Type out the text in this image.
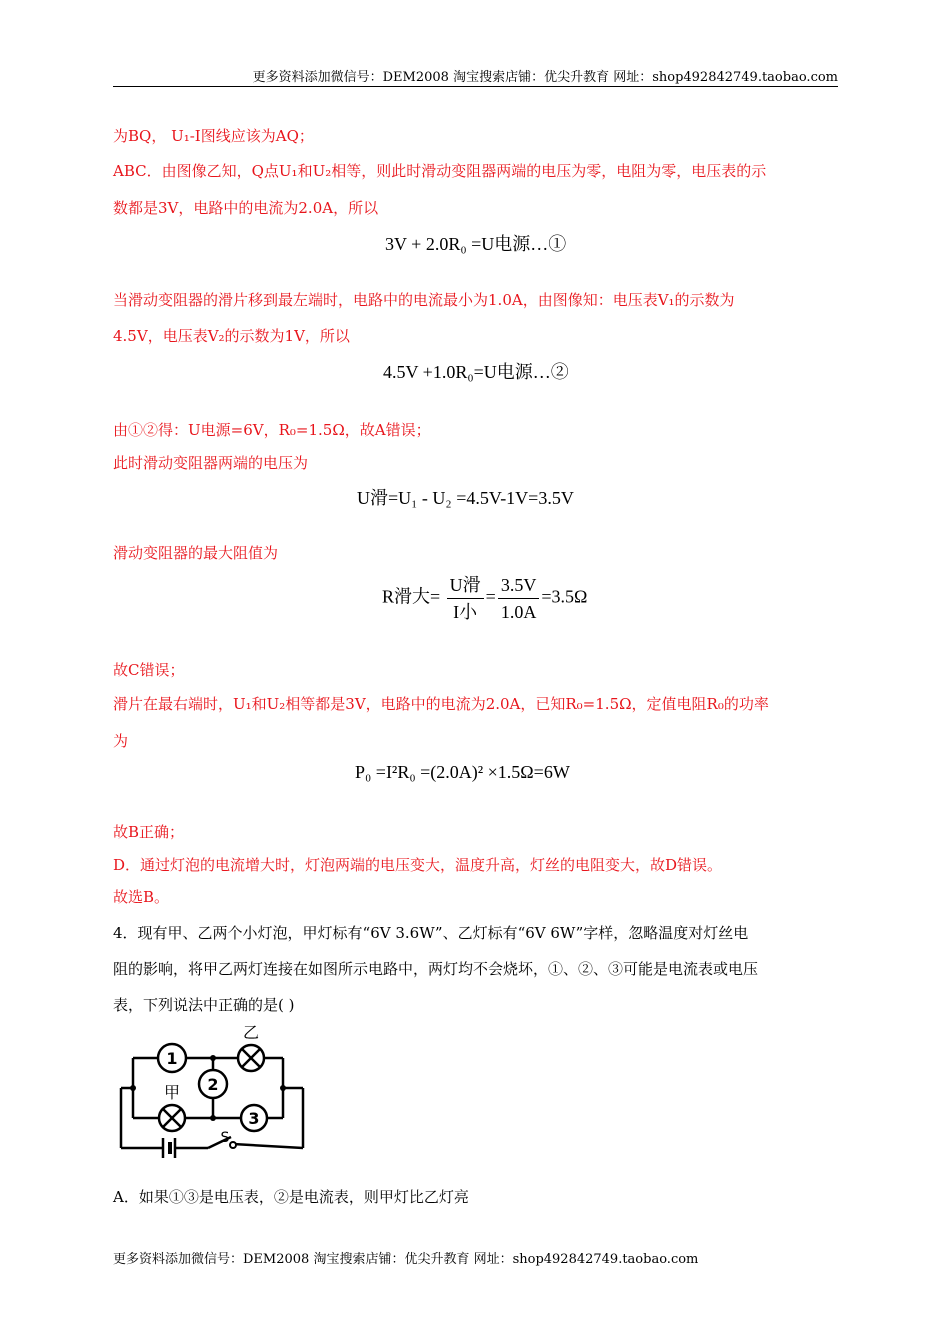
更多资料添加微信号：DEM2008 淘宝搜索店铺：优尖升教育 网址：shop492842749.taobao.com
为BQ， U₁-I图线应该为AQ；
ABC．由图像乙知，Q点U₁和U₂相等，则此时滑动变阻器两端的电压为零，电阻为零，电压表的示
数都是3V，电路中的电流为2.0A，所以
3V + 2.0R₀ =U电源…①
当滑动变阻器的滑片移到最左端时，电路中的电流最小为1.0A，由图像知：电压表V₁的示数为
4.5V，电压表V₂的示数为1V，所以
4.5V +1.0R₀=U电源…②
由①②得：U电源=6V，R₀=1.5Ω，故A错误；
此时滑动变阻器两端的电压为
U滑=U₁ - U₂ =4.5V-1V=3.5V
滑动变阻器的最大阻值为
R滑大= $\frac{\text{U滑}}{\text{I小}} = \frac{3.5V}{1.0A} =3.5\Omega$
故C错误；
滑片在最右端时，U₁和U₂相等都是3V，电路中的电流为2.0A，已知R₀=1.5Ω，定值电阻R₀的功率
为
P₀ =I²R₀ =(2.0A)² ×1.5Ω=6W
故B正确；
D．通过灯泡的电流增大时，灯泡两端的电压变大，温度升高，灯丝的电阻变大，故D错误。
故选B。
4．现有甲、乙两个小灯泡，甲灯标有“6V 3.6W”、乙灯标有“6V 6W”字样，忽略温度对灯丝电
阻的影响，将甲乙两灯连接在如图所示电路中，两灯均不会烧坏，①、②、③可能是电流表或电压
表，下列说法中正确的是( )
1
2
3
乙
甲
S
A．如果①③是电压表，②是电流表，则甲灯比乙灯亮
更多资料添加微信号：DEM2008 淘宝搜索店铺：优尖升教育 网址：shop492842749.taobao.com
